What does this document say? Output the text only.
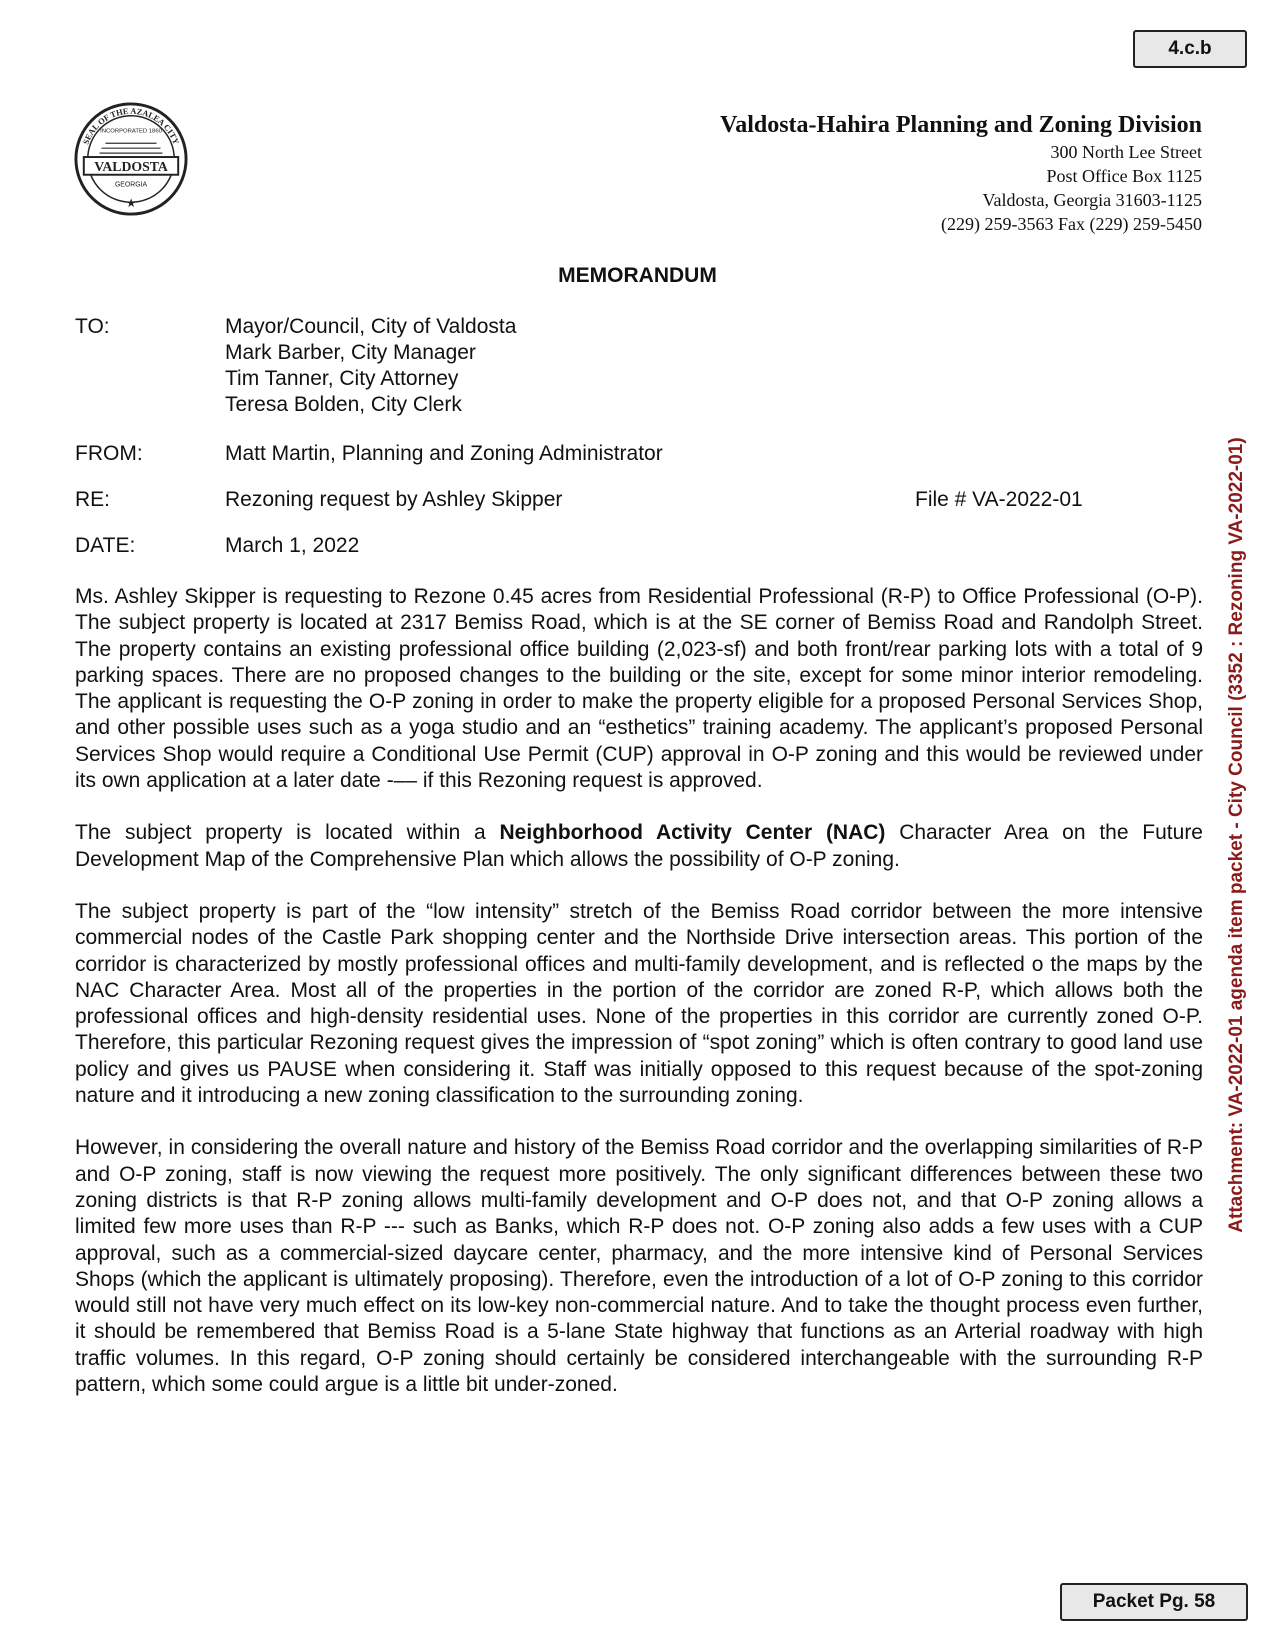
4.c.b
VALDOSTA
INCORPORATED 1860
GEORGIA
SEAL OF THE AZALEA CITY
★
Valdosta-Hahira Planning and Zoning Division
300 North Lee Street
Post Office Box 1125
Valdosta, Georgia 31603-1125
(229) 259-3563 Fax (229) 259-5450
MEMORANDUM
TO:	Mayor/Council, City of Valdosta
Mark Barber, City Manager
Tim Tanner, City Attorney
Teresa Bolden, City Clerk
FROM:	Matt Martin, Planning and Zoning Administrator
RE:	Rezoning request by Ashley Skipper	File # VA-2022-01
DATE:	March 1, 2022

Ms. Ashley Skipper is requesting to Rezone 0.45 acres from Residential Professional (R-P) to Office Professional (O-P). The subject property is located at 2317 Bemiss Road, which is at the SE corner of Bemiss Road and Randolph Street. The property contains an existing professional office building (2,023-sf) and both front/rear parking lots with a total of 9 parking spaces. There are no proposed changes to the building or the site, except for some minor interior remodeling. The applicant is requesting the O-P zoning in order to make the property eligible for a proposed Personal Services Shop, and other possible uses such as a yoga studio and an “esthetics” training academy. The applicant’s proposed Personal Services Shop would require a Conditional Use Permit (CUP) approval in O-P zoning and this would be reviewed under its own application at a later date -–– if this Rezoning request is approved.

The subject property is located within a Neighborhood Activity Center (NAC) Character Area on the Future Development Map of the Comprehensive Plan which allows the possibility of O-P zoning.

The subject property is part of the “low intensity” stretch of the Bemiss Road corridor between the more intensive commercial nodes of the Castle Park shopping center and the Northside Drive intersection areas. This portion of the corridor is characterized by mostly professional offices and multi-family development, and is reflected o the maps by the NAC Character Area. Most all of the properties in the portion of the corridor are zoned R-P, which allows both the professional offices and high-density residential uses. None of the properties in this corridor are currently zoned O-P. Therefore, this particular Rezoning request gives the impression of “spot zoning” which is often contrary to good land use policy and gives us PAUSE when considering it. Staff was initially opposed to this request because of the spot-zoning nature and it introducing a new zoning classification to the surrounding zoning.

However, in considering the overall nature and history of the Bemiss Road corridor and the overlapping similarities of R-P and O-P zoning, staff is now viewing the request more positively. The only significant differences between these two zoning districts is that R-P zoning allows multi-family development and O-P does not, and that O-P zoning allows a limited few more uses than R-P --- such as Banks, which R-P does not. O-P zoning also adds a few uses with a CUP approval, such as a commercial-sized daycare center, pharmacy, and the more intensive kind of Personal Services Shops (which the applicant is ultimately proposing). Therefore, even the introduction of a lot of O-P zoning to this corridor would still not have very much effect on its low-key non-commercial nature. And to take the thought process even further, it should be remembered that Bemiss Road is a 5-lane State highway that functions as an Arterial roadway with high traffic volumes. In this regard, O-P zoning should certainly be considered interchangeable with the surrounding R-P pattern, which some could argue is a little bit under-zoned.

Attachment: VA-2022-01 agenda item packet - City Council (3352 : Rezoning VA-2022-01)
Packet Pg. 58
